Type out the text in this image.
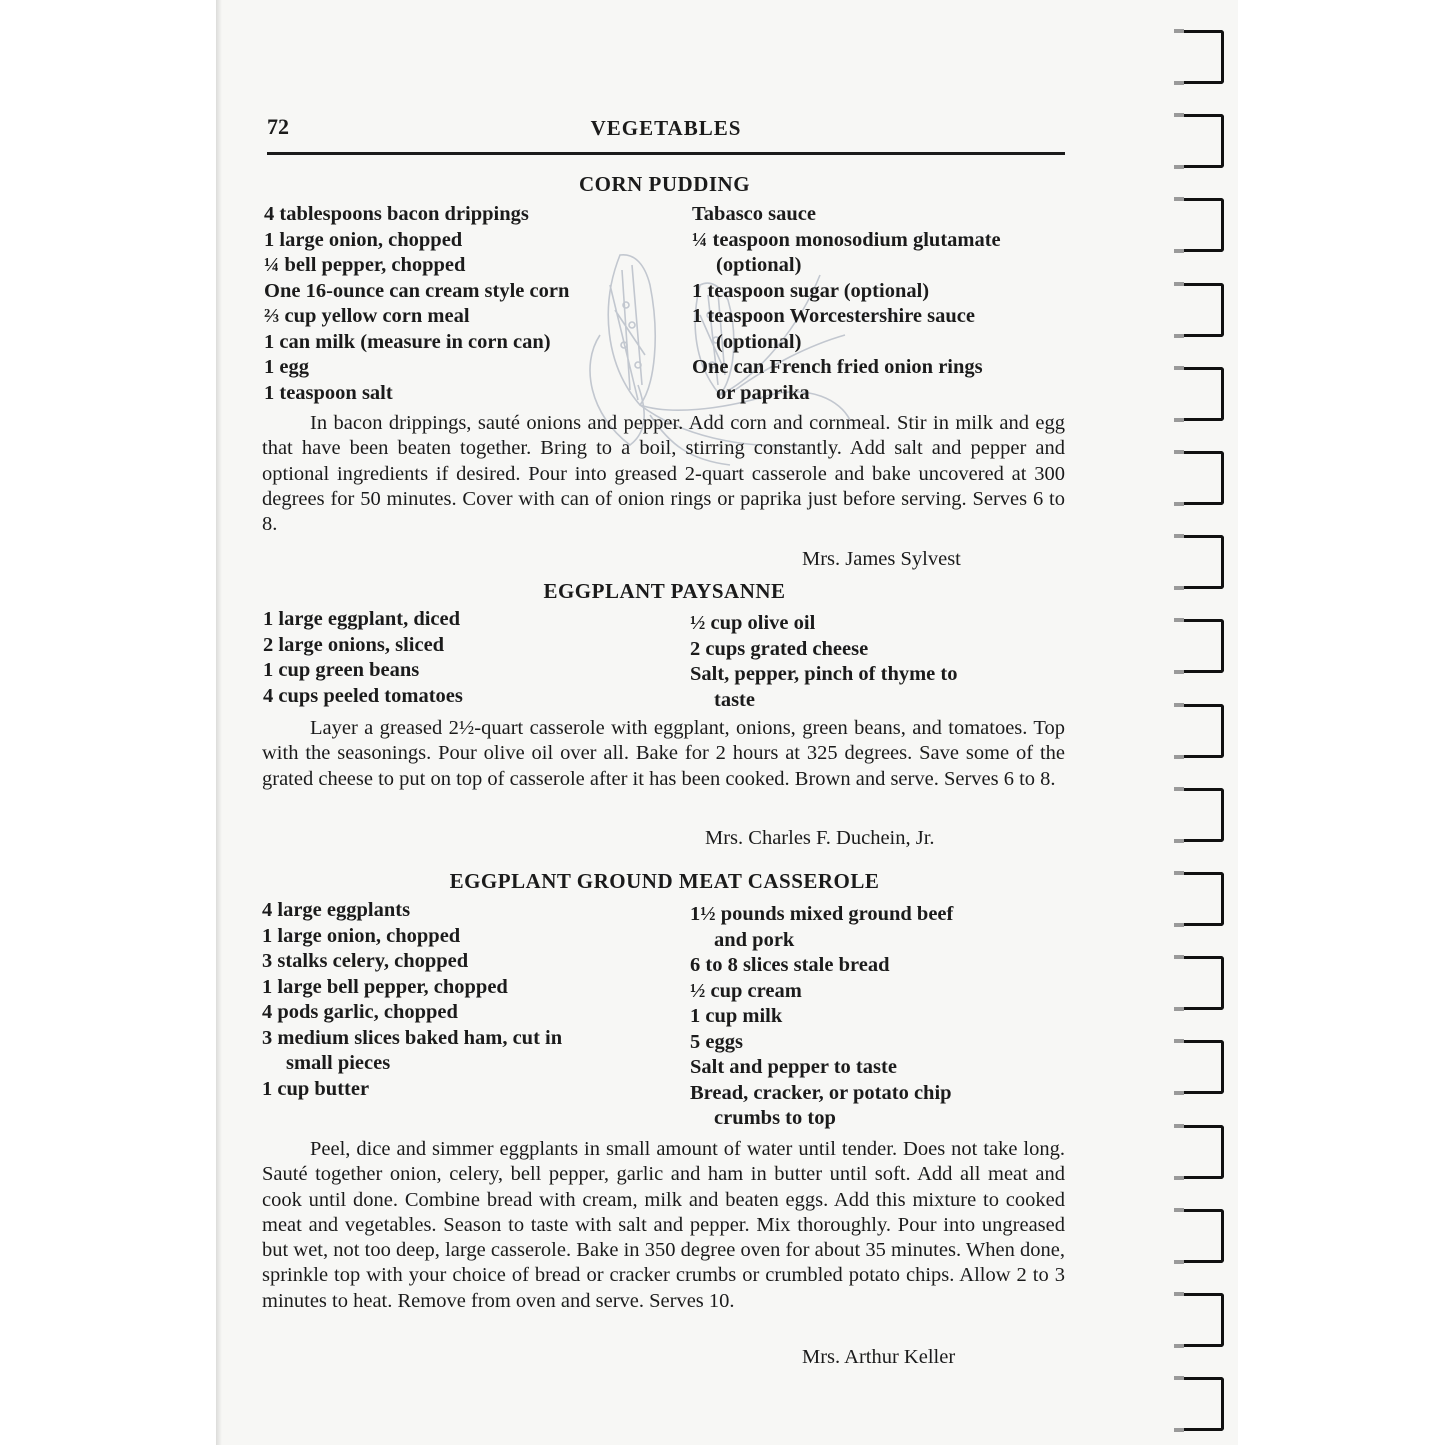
72	VEGETABLES
CORN PUDDING
4 tablespoons bacon drippings
1 large onion, chopped
¼ bell pepper, chopped
One 16-ounce can cream style corn
⅔ cup yellow corn meal
1 can milk (measure in corn can)
1 egg
1 teaspoon salt
Tabasco sauce
¼ teaspoon monosodium glutamate
(optional)
1 teaspoon sugar (optional)
1 teaspoon Worcestershire sauce
(optional)
One can French fried onion rings
or paprika

In bacon drippings, sauté onions and pepper. Add corn and cornmeal. Stir in milk and egg that have been beaten together. Bring to a boil, stirring constantly. Add salt and pepper and optional ingredients if desired. Pour into greased 2-quart casserole and bake uncovered at 300 degrees for 50 minutes. Cover with can of onion rings or paprika just before serving. Serves 6 to 8.

Mrs. James Sylvest
EGGPLANT PAYSANNE
1 large eggplant, diced
2 large onions, sliced
1 cup green beans
4 cups peeled tomatoes
½ cup olive oil
2 cups grated cheese
Salt, pepper, pinch of thyme to
taste

Layer a greased 2½-quart casserole with eggplant, onions, green beans, and tomatoes. Top with the seasonings. Pour olive oil over all. Bake for 2 hours at 325 degrees. Save some of the grated cheese to put on top of casserole after it has been cooked. Brown and serve. Serves 6 to 8.

Mrs. Charles F. Duchein, Jr.
EGGPLANT GROUND MEAT CASSEROLE
4 large eggplants
1 large onion, chopped
3 stalks celery, chopped
1 large bell pepper, chopped
4 pods garlic, chopped
3 medium slices baked ham, cut in
small pieces
1 cup butter
1½ pounds mixed ground beef
and pork
6 to 8 slices stale bread
½ cup cream
1 cup milk
5 eggs
Salt and pepper to taste
Bread, cracker, or potato chip
crumbs to top

Peel, dice and simmer eggplants in small amount of water until tender. Does not take long. Sauté together onion, celery, bell pepper, garlic and ham in butter until soft. Add all meat and cook until done. Combine bread with cream, milk and beaten eggs. Add this mixture to cooked meat and vegetables. Season to taste with salt and pepper. Mix thoroughly. Pour into ungreased but wet, not too deep, large casserole. Bake in 350 degree oven for about 35 minutes. When done, sprinkle top with your choice of bread or cracker crumbs or crumbled potato chips. Allow 2 to 3 minutes to heat. Remove from oven and serve. Serves 10.

Mrs. Arthur Keller
